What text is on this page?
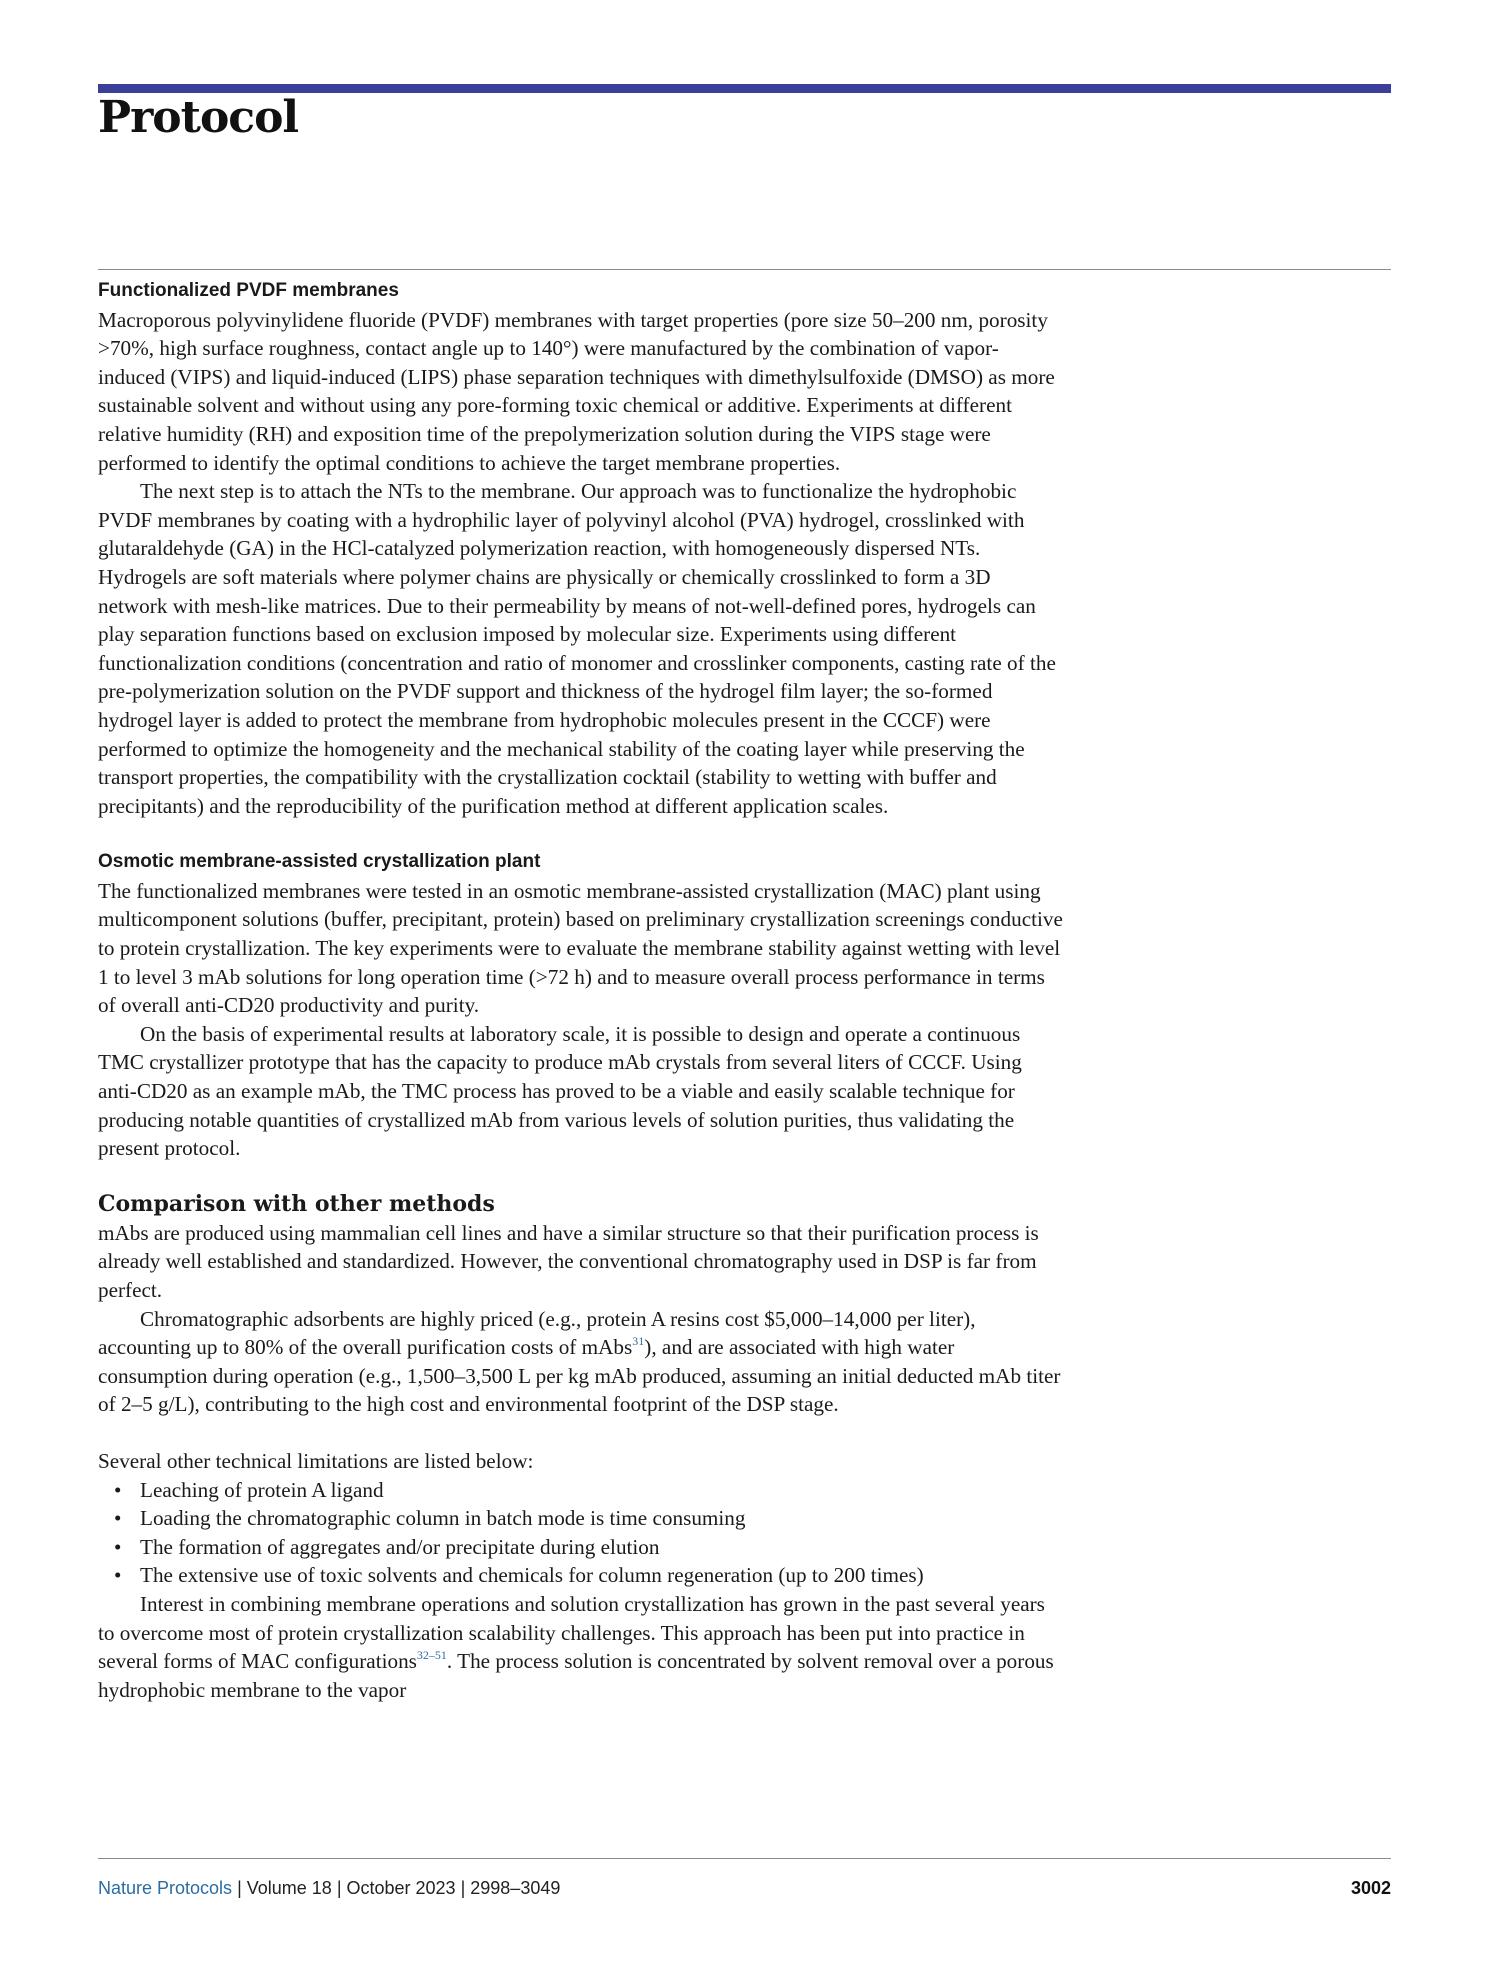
Protocol
Functionalized PVDF membranes

Macroporous polyvinylidene fluoride (PVDF) membranes with target properties (pore size 50–200 nm, porosity >70%, high surface roughness, contact angle up to 140°) were manufactured by the combination of vapor-induced (VIPS) and liquid-induced (LIPS) phase separation techniques with dimethylsulfoxide (DMSO) as more sustainable solvent and without using any pore-forming toxic chemical or additive. Experiments at different relative humidity (RH) and exposition time of the prepolymerization solution during the VIPS stage were performed to identify the optimal conditions to achieve the target membrane properties.

The next step is to attach the NTs to the membrane. Our approach was to functionalize the hydrophobic PVDF membranes by coating with a hydrophilic layer of polyvinyl alcohol (PVA) hydrogel, crosslinked with glutaraldehyde (GA) in the HCl-catalyzed polymerization reaction, with homogeneously dispersed NTs. Hydrogels are soft materials where polymer chains are physically or chemically crosslinked to form a 3D network with mesh-like matrices. Due to their permeability by means of not-well-defined pores, hydrogels can play separation functions based on exclusion imposed by molecular size. Experiments using different functionalization conditions (concentration and ratio of monomer and crosslinker components, casting rate of the pre-polymerization solution on the PVDF support and thickness of the hydrogel film layer; the so-formed hydrogel layer is added to protect the membrane from hydrophobic molecules present in the CCCF) were performed to optimize the homogeneity and the mechanical stability of the coating layer while preserving the transport properties, the compatibility with the crystallization cocktail (stability to wetting with buffer and precipitants) and the reproducibility of the purification method at different application scales.

Osmotic membrane-assisted crystallization plant

The functionalized membranes were tested in an osmotic membrane-assisted crystallization (MAC) plant using multicomponent solutions (buffer, precipitant, protein) based on preliminary crystallization screenings conductive to protein crystallization. The key experiments were to evaluate the membrane stability against wetting with level 1 to level 3 mAb solutions for long operation time (>72 h) and to measure overall process performance in terms of overall anti-CD20 productivity and purity.

On the basis of experimental results at laboratory scale, it is possible to design and operate a continuous TMC crystallizer prototype that has the capacity to produce mAb crystals from several liters of CCCF. Using anti-CD20 as an example mAb, the TMC process has proved to be a viable and easily scalable technique for producing notable quantities of crystallized mAb from various levels of solution purities, thus validating the present protocol.

Comparison with other methods

mAbs are produced using mammalian cell lines and have a similar structure so that their purification process is already well established and standardized. However, the conventional chromatography used in DSP is far from perfect.

Chromatographic adsorbents are highly priced (e.g., protein A resins cost $5,000–14,000 per liter), accounting up to 80% of the overall purification costs of mAbs$^{31}$), and are associated with high water consumption during operation (e.g., 1,500–3,500 L per kg mAb produced, assuming an initial deducted mAb titer of 2–5 g/L), contributing to the high cost and environmental footprint of the DSP stage.

Several other technical limitations are listed below:

• Leaching of protein A ligand
• Loading the chromatographic column in batch mode is time consuming
• The formation of aggregates and/or precipitate during elution
• The extensive use of toxic solvents and chemicals for column regeneration (up to 200 times)

Interest in combining membrane operations and solution crystallization has grown in the past several years to overcome most of protein crystallization scalability challenges. This approach has been put into practice in several forms of MAC configurations$^{32-51}$. The process solution is concentrated by solvent removal over a porous hydrophobic membrane to the vapor

Nature Protocols | Volume 18 | October 2023 | 2998–3049	3002
